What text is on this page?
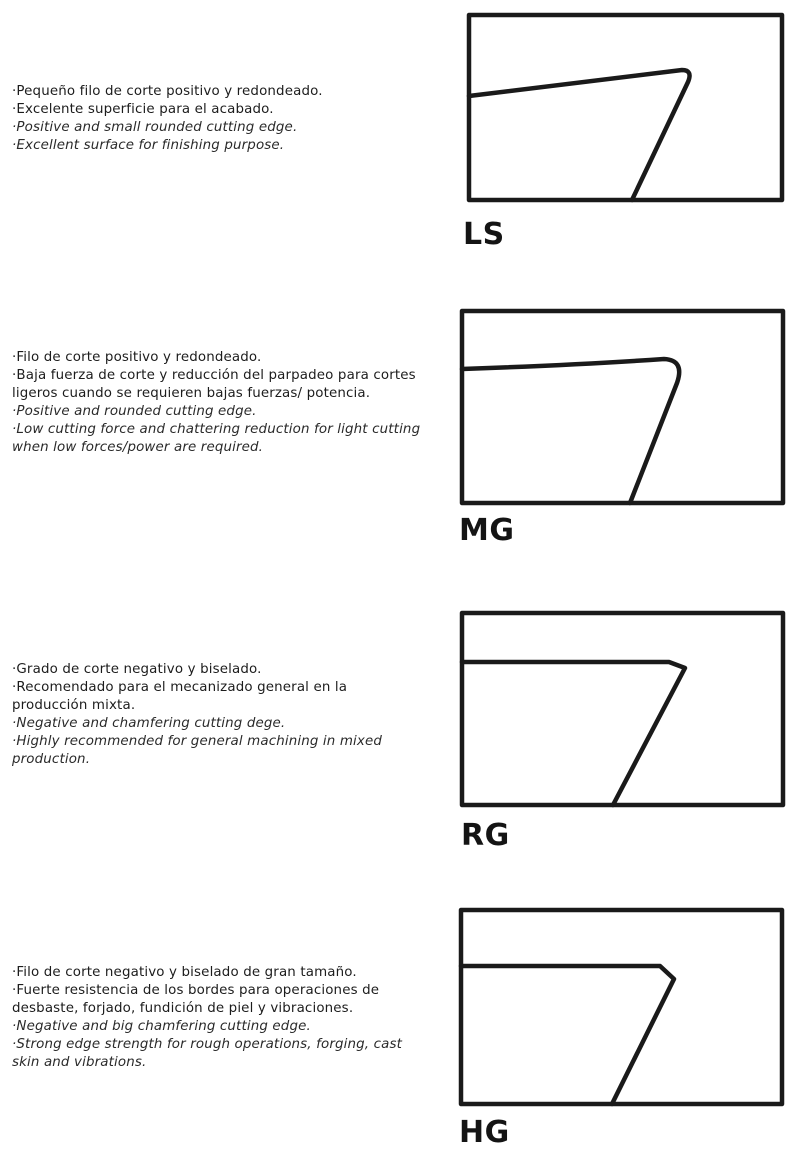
·Pequeño filo de corte positivo y redondeado.
·Excelente superficie para el acabado.
·Positive and small rounded cutting edge.
·Excellent surface for finishing purpose.
LS
·Filo de corte positivo y redondeado.
·Baja fuerza de corte y reducción del parpadeo para cortes ligeros cuando se requieren bajas fuerzas/ potencia.
·Positive and rounded cutting edge.
·Low cutting force and chattering reduction for light cutting when low forces/power are required.
MG
·Grado de corte negativo y biselado.
·Recomendado para el mecanizado general en la producción mixta.
·Negative and chamfering cutting dege.
·Highly recommended for general machining in mixed production.
RG
·Filo de corte negativo y biselado de gran tamaño.
·Fuerte resistencia de los bordes para operaciones de desbaste, forjado, fundición de piel y vibraciones.
·Negative and big chamfering cutting edge.
·Strong edge strength for rough operations, forging, cast skin and vibrations.
HG
